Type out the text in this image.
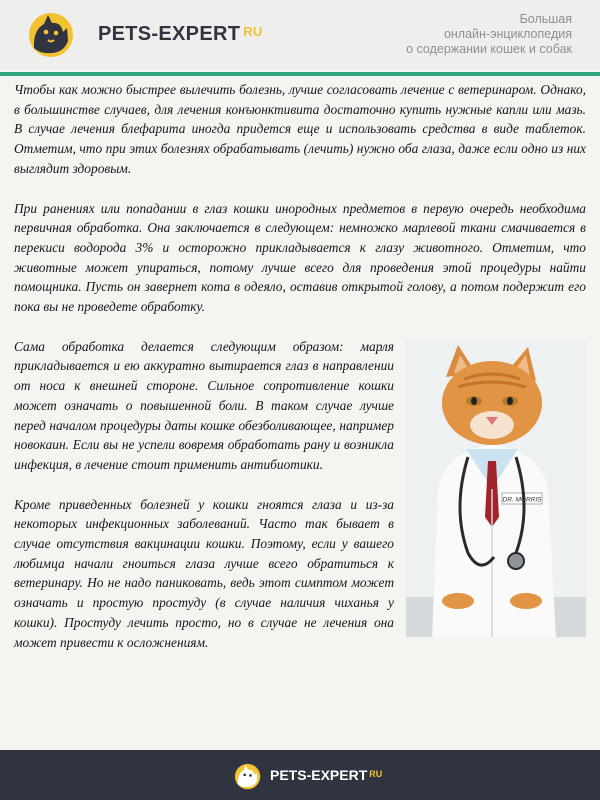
PETS-EXPERT $^{RU}$
Большая
онлайн-энциклопедия
о содержании кошек и собак

Чтобы как можно быстрее вылечить болезнь, лучше согласовать лечение с ветеринаром. Однако, в большинстве случаев, для лечения конъюнктивита достаточно купить нужные капли или мазь. В случае лечения блефарита иногда придется еще и использовать средства в виде таблеток. Отметим, что при этих болезнях обрабатывать (лечить) нужно оба глаза, даже если одно из них выглядит здоровым.

При ранениях или попадании в глаз кошки инородных предметов в первую очередь необходима первичная обработка. Она заключается в следующем: немножко марлевой ткани смачивается в перекиси водорода 3% и осторожно прикладывается к глазу животного. Отметим, что животные может упираться, потому лучше всего для проведения этой процедуры найти помощника. Пусть он завернет кота в одеяло, оставив открытой голову, а потом подержит его пока вы не проведете обработку.

DR. MORRIS

Сама обработка делается следующим образом: марля прикладывается и ею аккуратно вытирается глаз в направлении от носа к внешней стороне. Сильное сопротивление кошки может означать о повышенной боли. В таком случае лучше перед началом процедуры даты кошке обезболивающее, например новокаин. Если вы не успели вовремя обработать рану и возникла инфекция, в лечение стоит применить антибиотики.

Кроме приведенных болезней у кошки гноятся глаза и из-за некоторых инфекционных заболеваний. Часто так бывает в случае отсутствия вакцинации кошки. Поэтому, если у вашего любимца начали гноиться глаза лучше всего обратиться к ветеринару. Но не надо паниковать, ведь этот симптом может означать и простую простуду (в случае наличия чиханья у кошки). Простуду лечить просто, но в случае не лечения она может привести к осложнениям.

PETS-EXPERT $^{RU}$
